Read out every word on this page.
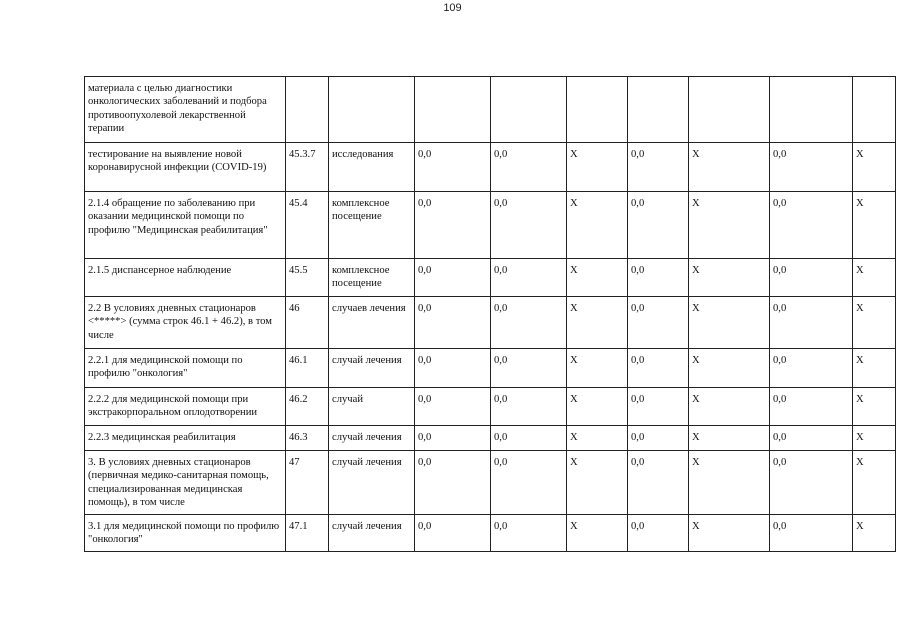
109
материала с целью диагностики онкологических заболеваний и подбора противоопухолевой лекарственной терапии									
тестирование на выявление новой коронавирусной инфекции (COVID-19)	45.3.7	исследования	0,0	0,0	X	0,0	X	0,0	X
2.1.4 обращение по заболеванию при оказании медицинской помощи по профилю "Медицинская реабилитация"	45.4	комплексное посещение	0,0	0,0	X	0,0	X	0,0	X
2.1.5 диспансерное наблюдение	45.5	комплексное посещение	0,0	0,0	X	0,0	X	0,0	X
2.2 В условиях дневных стационаров <*****> (сумма строк 46.1 + 46.2), в том числе	46	случаев лечения	0,0	0,0	X	0,0	X	0,0	X
2.2.1 для медицинской помощи по профилю "онкология"	46.1	случай лечения	0,0	0,0	X	0,0	X	0,0	X
2.2.2 для медицинской помощи при экстракорпоральном оплодотворении	46.2	случай	0,0	0,0	X	0,0	X	0,0	X
2.2.3 медицинская реабилитация	46.3	случай лечения	0,0	0,0	X	0,0	X	0,0	X
3. В условиях дневных стационаров (первичная медико-санитарная помощь, специализированная медицинская помощь), в том числе	47	случай лечения	0,0	0,0	X	0,0	X	0,0	X
3.1 для медицинской помощи по профилю "онкология"	47.1	случай лечения	0,0	0,0	X	0,0	X	0,0	X
